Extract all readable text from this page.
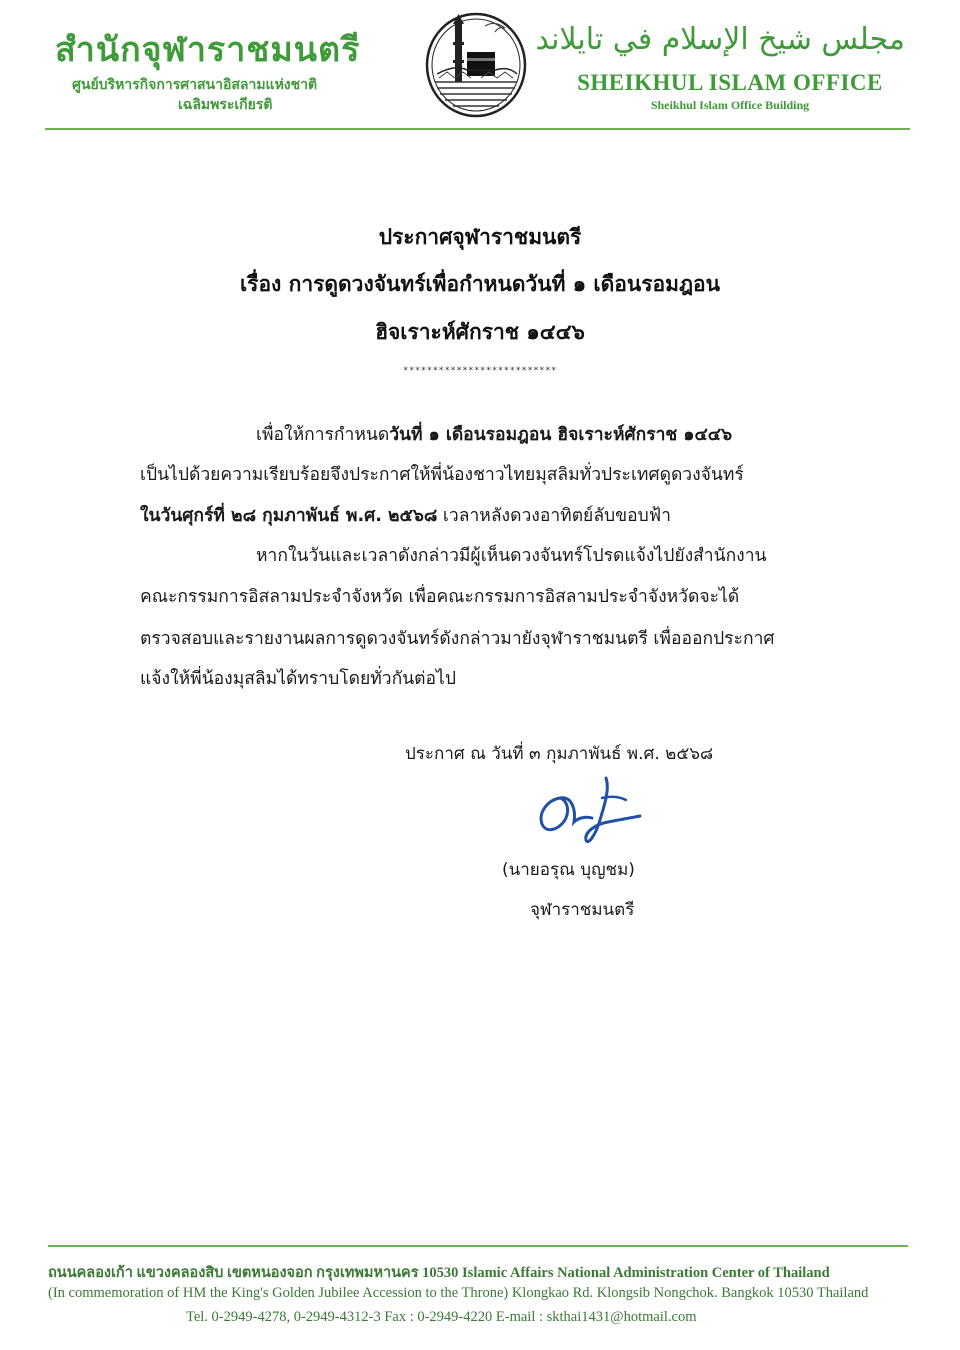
สำนักจุฬาราชมนตรี
ศูนย์บริหารกิจการศาสนาอิสลามแห่งชาติ
เฉลิมพระเกียรติ
مجلس شيخ الإسلام في تايلاند
SHEIKHUL ISLAM OFFICE
Sheikhul Islam Office Building
ประกาศจุฬาราชมนตรี
เรื่อง การดูดวงจันทร์เพื่อกำหนดวันที่ ๑ เดือนรอมฎอน
ฮิจเราะห์ศักราช ๑๔๔๖
**************************
เพื่อให้การกำหนดวันที่ ๑ เดือนรอมฎอน ฮิจเราะห์ศักราช ๑๔๔๖
เป็นไปด้วยความเรียบร้อยจึงประกาศให้พี่น้องชาวไทยมุสลิมทั่วประเทศดูดวงจันทร์
ในวันศุกร์ที่ ๒๘ กุมภาพันธ์ พ.ศ. ๒๕๖๘ เวลาหลังดวงอาทิตย์ลับขอบฟ้า
หากในวันและเวลาดังกล่าวมีผู้เห็นดวงจันทร์โปรดแจ้งไปยังสำนักงาน
คณะกรรมการอิสลามประจำจังหวัด เพื่อคณะกรรมการอิสลามประจำจังหวัดจะได้
ตรวจสอบและรายงานผลการดูดวงจันทร์ดังกล่าวมายังจุฬาราชมนตรี เพื่อออกประกาศ
แจ้งให้พี่น้องมุสลิมได้ทราบโดยทั่วกันต่อไป
ประกาศ ณ วันที่ ๓ กุมภาพันธ์ พ.ศ. ๒๕๖๘
(นายอรุณ บุญชม)
จุฬาราชมนตรี
ถนนคลองเก้า แขวงคลองสิบ เขตหนองจอก กรุงเทพมหานคร 10530 Islamic Affairs National Administration Center of Thailand
(In commemoration of HM the King's Golden Jubilee Accession to the Throne) Klongkao Rd. Klongsib Nongchok. Bangkok 10530 Thailand
Tel. 0-2949-4278, 0-2949-4312-3 Fax : 0-2949-4220 E-mail : skthai1431@hotmail.com
